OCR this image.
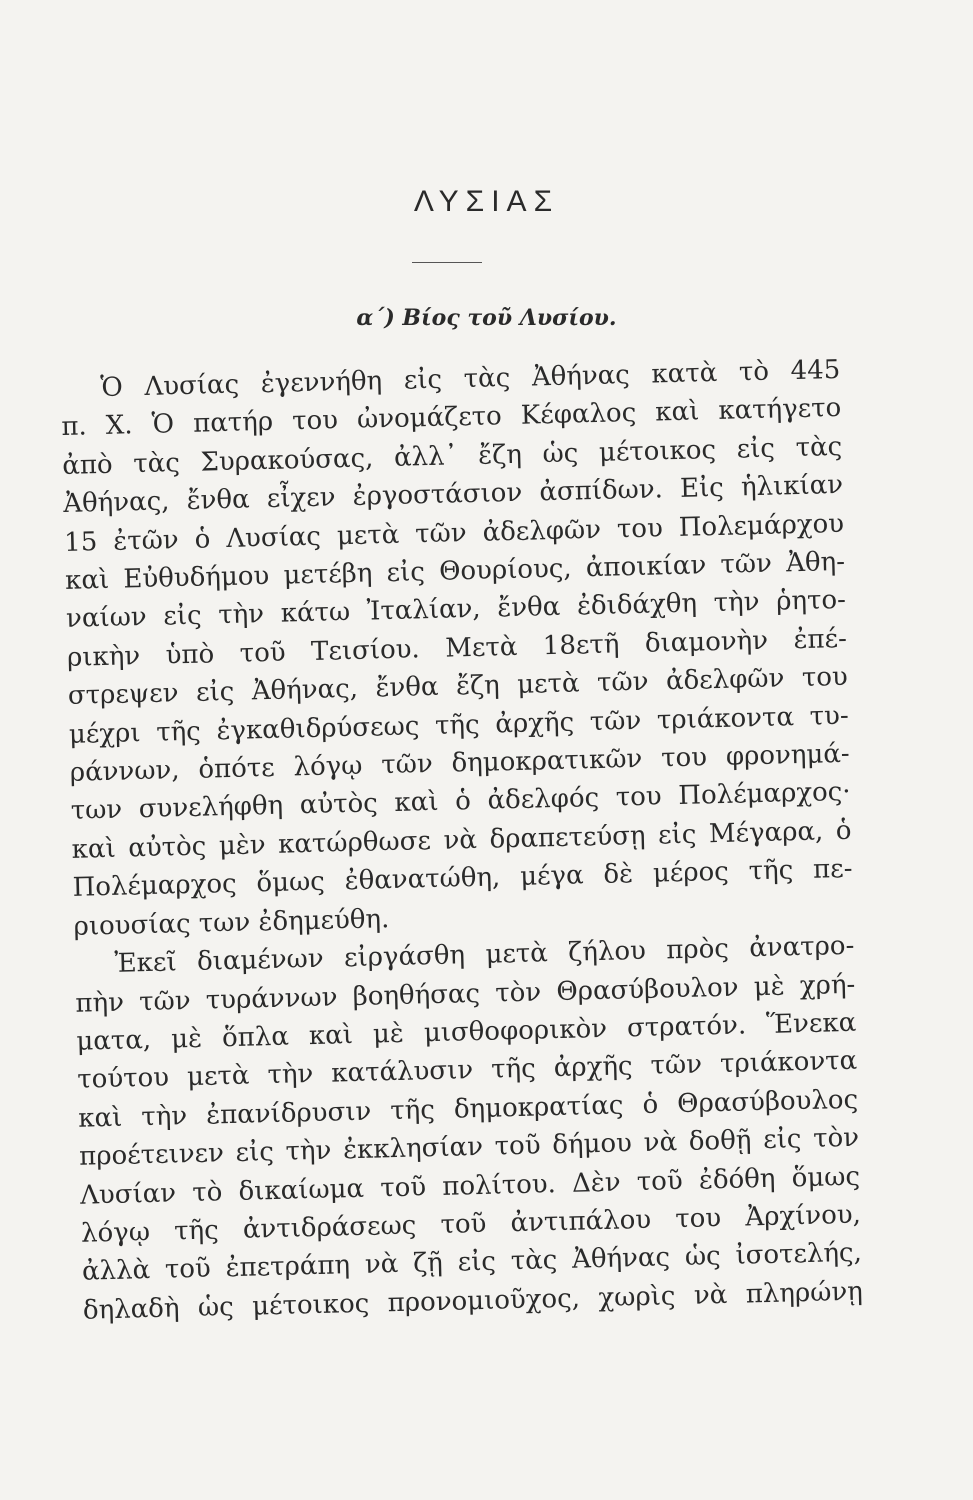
ΛΥΣΙΑΣ
α΄) Βίος τοῦ Λυσίου.
Ὁ Λυσίας ἐγεννήθη εἰς τὰς Ἀθήνας κατὰ τὸ 445
π. Χ. Ὁ πατήρ του ὠνομάζετο Κέφαλος καὶ κατήγετο
ἀπὸ τὰς Συρακούσας, ἀλλ᾽ ἔζη ὡς μέτοικος εἰς τὰς
Ἀθήνας, ἔνθα εἶχεν ἐργοστάσιον ἀσπίδων. Εἰς ἡλικίαν
15 ἐτῶν ὁ Λυσίας μετὰ τῶν ἀδελφῶν του Πολεμάρχου
καὶ Εὐθυδήμου μετέβη εἰς Θουρίους, ἀποικίαν τῶν Ἀθη-
ναίων εἰς τὴν κάτω Ἰταλίαν, ἔνθα ἐδιδάχθη τὴν ῥητο-
ρικὴν ὑπὸ τοῦ Τεισίου. Μετὰ 18ετῆ διαμονὴν ἐπέ-
στρεψεν εἰς Ἀθήνας, ἔνθα ἔζη μετὰ τῶν ἀδελφῶν του
μέχρι τῆς ἐγκαθιδρύσεως τῆς ἀρχῆς τῶν τριάκοντα τυ-
ράννων, ὁπότε λόγῳ τῶν δημοκρατικῶν του φρονημά-
των συνελήφθη αὐτὸς καὶ ὁ ἀδελφός του Πολέμαρχος·
καὶ αὐτὸς μὲν κατώρθωσε νὰ δραπετεύσῃ εἰς Μέγαρα, ὁ
Πολέμαρχος ὅμως ἐθανατώθη, μέγα δὲ μέρος τῆς πε-
ριουσίας των ἐδημεύθη.
Ἐκεῖ διαμένων εἰργάσθη μετὰ ζήλου πρὸς ἀνατρο-
πὴν τῶν τυράννων βοηθήσας τὸν Θρασύβουλον μὲ χρή-
ματα, μὲ ὅπλα καὶ μὲ μισθοφορικὸν στρατόν. Ἕνεκα
τούτου μετὰ τὴν κατάλυσιν τῆς ἀρχῆς τῶν τριάκοντα
καὶ τὴν ἐπανίδρυσιν τῆς δημοκρατίας ὁ Θρασύβουλος
προέτεινεν εἰς τὴν ἐκκλησίαν τοῦ δήμου νὰ δοθῇ εἰς τὸν
Λυσίαν τὸ δικαίωμα τοῦ πολίτου. Δὲν τοῦ ἐδόθη ὅμως
λόγῳ τῆς ἀντιδράσεως τοῦ ἀντιπάλου του Ἀρχίνου,
ἀλλὰ τοῦ ἐπετράπη νὰ ζῇ εἰς τὰς Ἀθήνας ὡς ἰσοτελής,
δηλαδὴ ὡς μέτοικος προνομιοῦχος, χωρὶς νὰ πληρώνῃ
